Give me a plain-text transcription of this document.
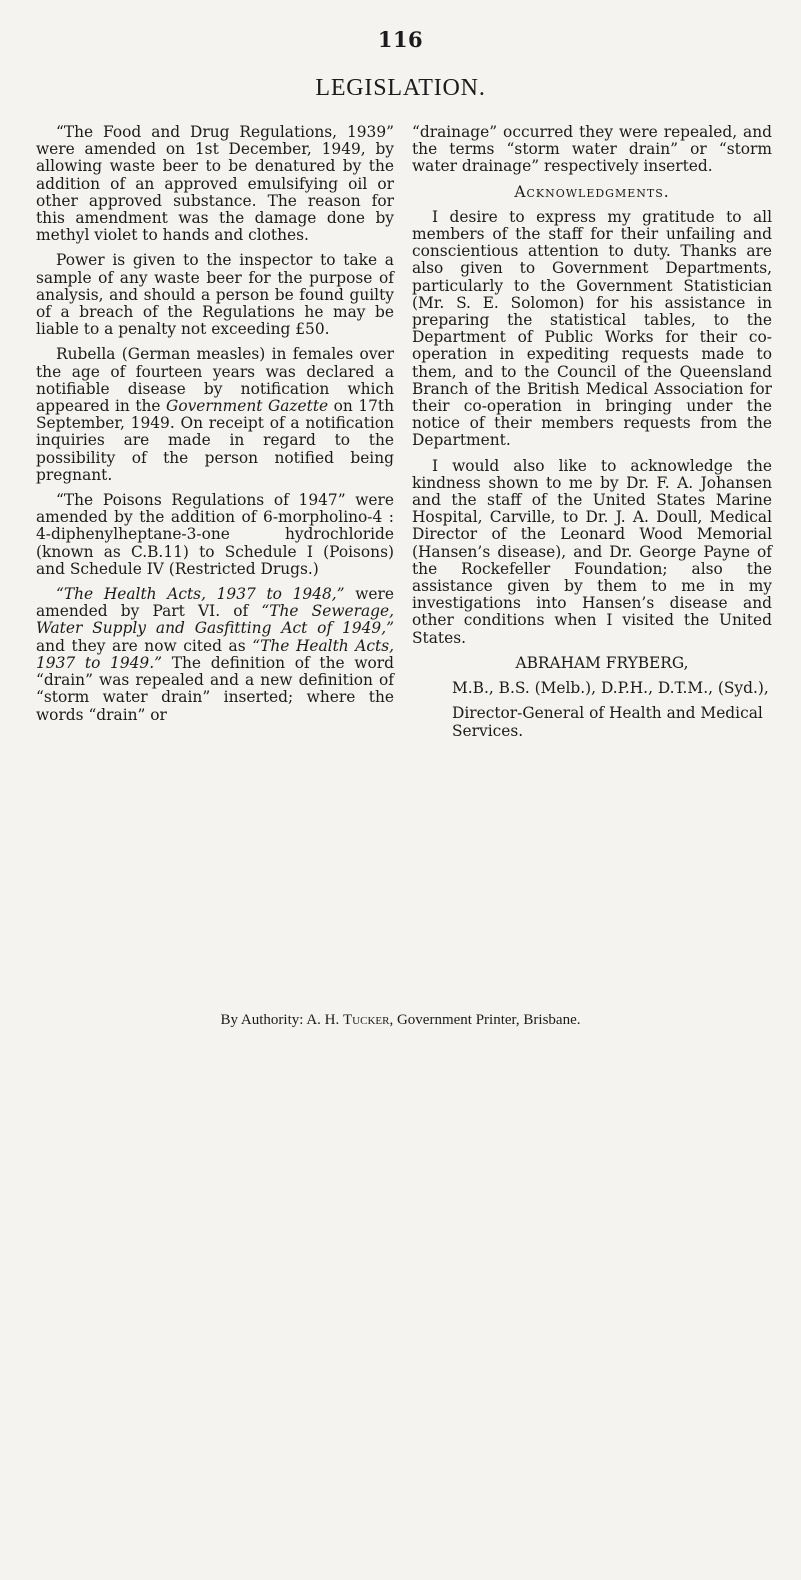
116
LEGISLATION.

“The Food and Drug Regulations, 1939” were amended on 1st December, 1949, by allowing waste beer to be denatured by the addition of an approved emulsifying oil or other approved substance. The reason for this amendment was the damage done by methyl violet to hands and clothes.

Power is given to the inspector to take a sample of any waste beer for the purpose of analysis, and should a person be found guilty of a breach of the Regulations he may be liable to a penalty not exceeding £50.

Rubella (German measles) in females over the age of fourteen years was declared a notifiable disease by notification which appeared in the Government Gazette on 17th September, 1949. On receipt of a notification inquiries are made in regard to the possibility of the person notified being pregnant.

“The Poisons Regulations of 1947” were amended by the addition of 6-morpholino-4 : 4-diphenylheptane-3-one hydrochloride (known as C.B.11) to Schedule I (Poisons) and Schedule IV (Restricted Drugs.)

“The Health Acts, 1937 to 1948,” were amended by Part VI. of “The Sewerage, Water Supply and Gasfitting Act of 1949,” and they are now cited as “The Health Acts, 1937 to 1949.” The definition of the word “drain” was repealed and a new definition of “storm water drain” inserted; where the words “drain” or

“drainage” occurred they were repealed, and the terms “storm water drain” or “storm water drainage” respectively inserted.

Acknowledgments.

I desire to express my gratitude to all members of the staff for their unfailing and conscientious attention to duty. Thanks are also given to Government Departments, particularly to the Government Statistician (Mr. S. E. Solomon) for his assistance in preparing the statistical tables, to the Department of Public Works for their co-operation in expediting requests made to them, and to the Council of the Queensland Branch of the British Medical Association for their co-operation in bringing under the notice of their members requests from the Department.

I would also like to acknowledge the kindness shown to me by Dr. F. A. Johansen and the staff of the United States Marine Hospital, Carville, to Dr. J. A. Doull, Medical Director of the Leonard Wood Memorial (Hansen’s disease), and Dr. George Payne of the Rockefeller Foundation; also the assistance given by them to me in my investigations into Hansen’s disease and other conditions when I visited the United States.

ABRAHAM FRYBERG,

M.B., B.S. (Melb.), D.P.H., D.T.M., (Syd.),

Director-General of Health and Medical
Services.

By Authority: A. H. Tucker, Government Printer, Brisbane.
